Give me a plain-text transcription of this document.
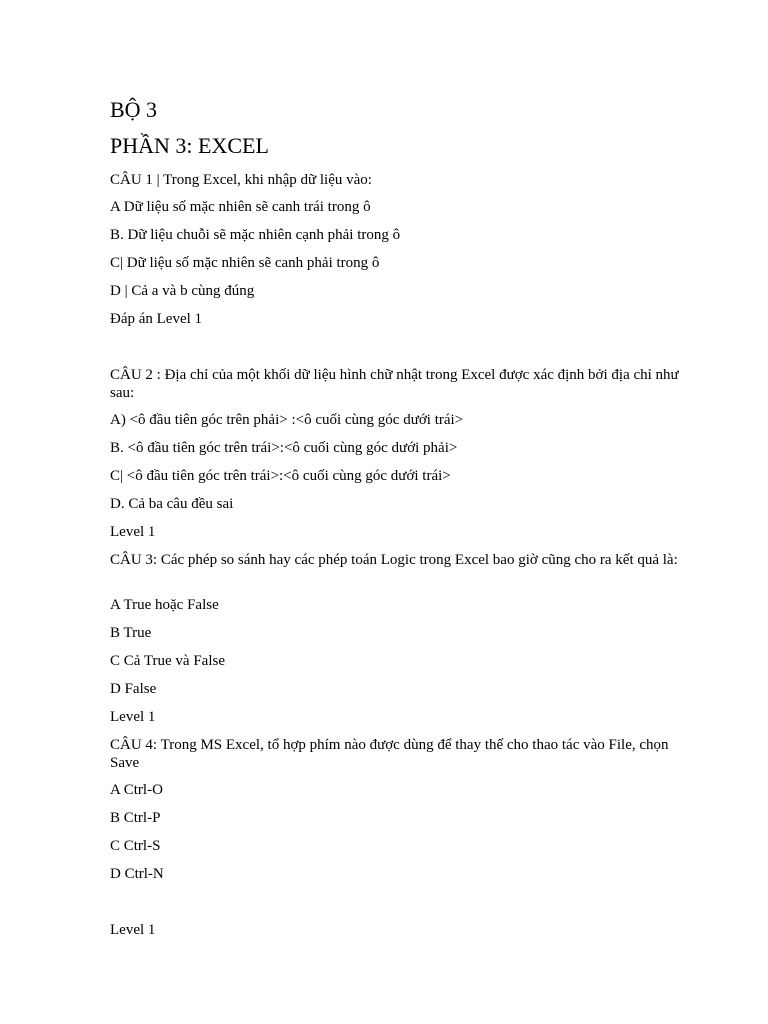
BỘ 3
PHẦN 3: EXCEL
CÂU 1 | Trong Excel, khi nhập dữ liệu vào:
A Dữ liệu số mặc nhiên sẽ canh trái trong ô
B. Dữ liệu chuỗi sẽ mặc nhiên cạnh phải trong ô
C| Dữ liệu số mặc nhiên sẽ canh phải trong ô
D | Cả a và b cùng đúng
Đáp án Level 1
CÂU 2 : Địa chỉ của một khối dữ liệu hình chữ nhật trong Excel được xác định bởi địa chỉ như sau:
A) <ô đầu tiên góc trên phải> :<ô cuối cùng góc dưới trái>
B. <ô đầu tiên góc trên trái>:<ô cuối cùng góc dưới phải>
C| <ô đầu tiên góc trên trái>:<ô cuối cùng góc dưới trái>
D. Cả ba câu đều sai
Level 1
CÂU 3: Các phép so sánh hay các phép toán Logic trong Excel bao giờ cũng cho ra kết quả là:
A True hoặc False
B True
C Cả True và False
D False
Level 1
CÂU 4: Trong MS Excel, tổ hợp phím nào được dùng để thay thế cho thao tác vào File, chọn Save
A Ctrl-O
B Ctrl-P
C Ctrl-S
D Ctrl-N
Level 1
